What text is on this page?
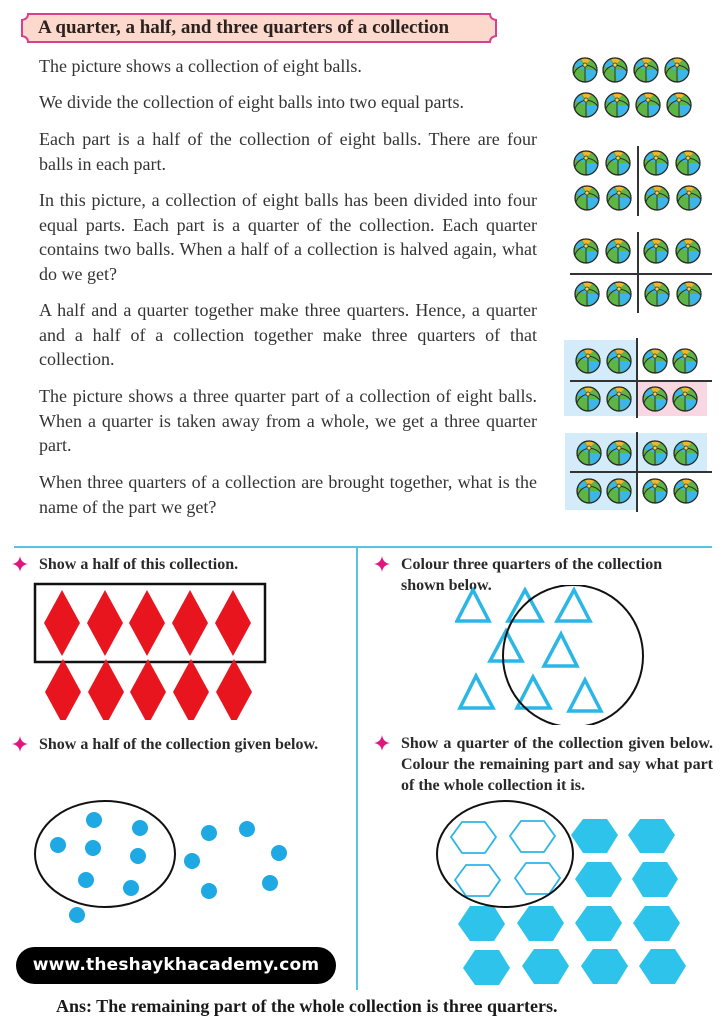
A quarter, a half, and three quarters of a collection

The picture shows a collection of eight balls.

We divide the collection of eight balls into two equal parts.

Each part is a half of the collection of eight balls. There are four balls in each part.

In this picture, a collection of eight balls has been divided into four equal parts. Each part is a quarter of the collection. Each quarter contains two balls. When a half of a collection is halved again, what do we get?

A half and a quarter together make three quarters. Hence, a quarter and a half of a collection together make three quarters of that collection.

The picture shows a three quarter part of a collection of eight balls. When a quarter is taken away from a whole, we get a three quarter part.

When three quarters of a collection are brought together, what is the name of the part we get?

Show a half of this collection.	Colour three quarters of the collection shown below.
Show a half of the collection given below.	Show a quarter of the collection given below. Colour the remaining part and say what part of the whole collection it is.
www.theshaykhacademy.com
Ans: The remaining part of the whole collection is three quarters.
